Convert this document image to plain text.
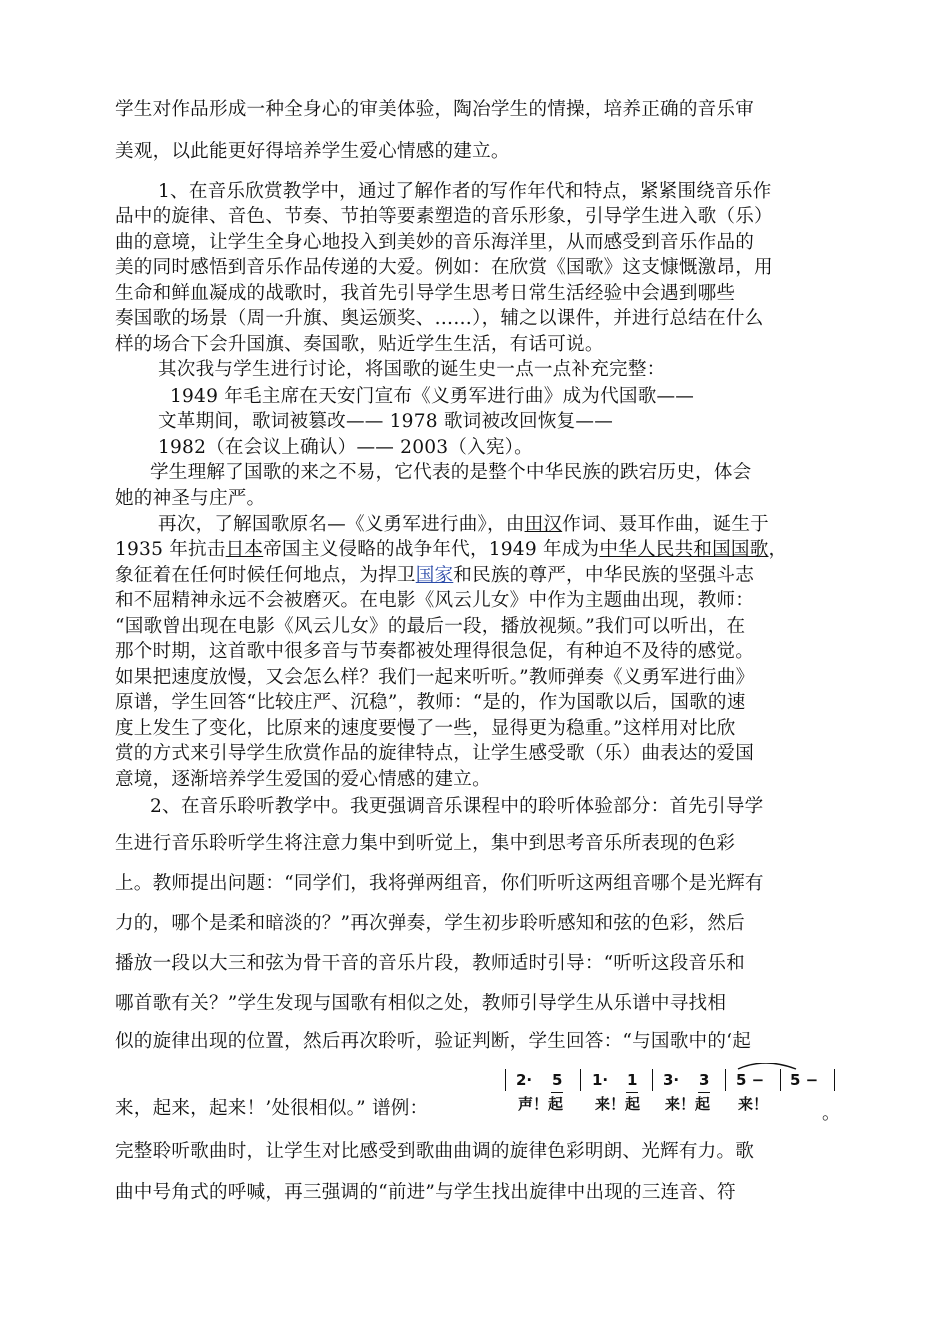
学生对作品形成一种全身心的审美体验，陶冶学生的情操，培养正确的音乐审
美观，以此能更好得培养学生爱心情感的建立。
1、在音乐欣赏教学中，通过了解作者的写作年代和特点，紧紧围绕音乐作
品中的旋律、音色、节奏、节拍等要素塑造的音乐形象，引导学生进入歌（乐）
曲的意境，让学生全身心地投入到美妙的音乐海洋里，从而感受到音乐作品的
美的同时感悟到音乐作品传递的大爱。例如：在欣赏《国歌》这支慷慨激昂，用
生命和鲜血凝成的战歌时，我首先引导学生思考日常生活经验中会遇到哪些
奏国歌的场景（周一升旗、奥运颁奖、……），辅之以课件，并进行总结在什么
样的场合下会升国旗、奏国歌，贴近学生生活，有话可说。
其次我与学生进行讨论，将国歌的诞生史一点一点补充完整：
1949 年毛主席在天安门宣布《义勇军进行曲》成为代国歌——
文革期间，歌词被篡改—— 1978 歌词被改回恢复——
1982（在会议上确认）—— 2003（入宪）。
学生理解了国歌的来之不易，它代表的是整个中华民族的跌宕历史，体会
她的神圣与庄严。
再次，了解国歌原名—《义勇军进行曲》，由田汉作词、聂耳作曲，诞生于
1935 年抗击日本帝国主义侵略的战争年代，1949 年成为中华人民共和国国歌，
象征着在任何时候任何地点，为捍卫国家和民族的尊严，中华民族的坚强斗志
和不屈精神永远不会被磨灭。在电影《风云儿女》中作为主题曲出现，教师：
“国歌曾出现在电影《风云儿女》的最后一段，播放视频。”我们可以听出，在
那个时期，这首歌中很多音与节奏都被处理得很急促，有种迫不及待的感觉。
如果把速度放慢，又会怎么样？我们一起来听听。”教师弹奏《义勇军进行曲》
原谱，学生回答“比较庄严、沉稳”，教师：“是的，作为国歌以后，国歌的速
度上发生了变化，比原来的速度要慢了一些，显得更为稳重。”这样用对比欣
赏的方式来引导学生欣赏作品的旋律特点，让学生感受歌（乐）曲表达的爱国
意境，逐渐培养学生爱国的爱心情感的建立。
2、在音乐聆听教学中。我更强调音乐课程中的聆听体验部分：首先引导学
生进行音乐聆听学生将注意力集中到听觉上，集中到思考音乐所表现的色彩
上。教师提出问题：“同学们，我将弹两组音，你们听听这两组音哪个是光辉有
力的，哪个是柔和暗淡的？”再次弹奏，学生初步聆听感知和弦的色彩，然后
播放一段以大三和弦为骨干音的音乐片段，教师适时引导：“听听这段音乐和
哪首歌有关？”学生发现与国歌有相似之处，教师引导学生从乐谱中寻找相
似的旋律出现的位置，然后再次聆听，验证判断，学生回答：“与国歌中的‘起
来，起来，起来！’处很相似。” 谱例：
2· 5 1· 1 3· 3 5 − 5 −
声！起 来！起 来！起 来！	。
完整聆听歌曲时，让学生对比感受到歌曲曲调的旋律色彩明朗、光辉有力。歌
曲中号角式的呼喊，再三强调的“前进”与学生找出旋律中出现的三连音、符
